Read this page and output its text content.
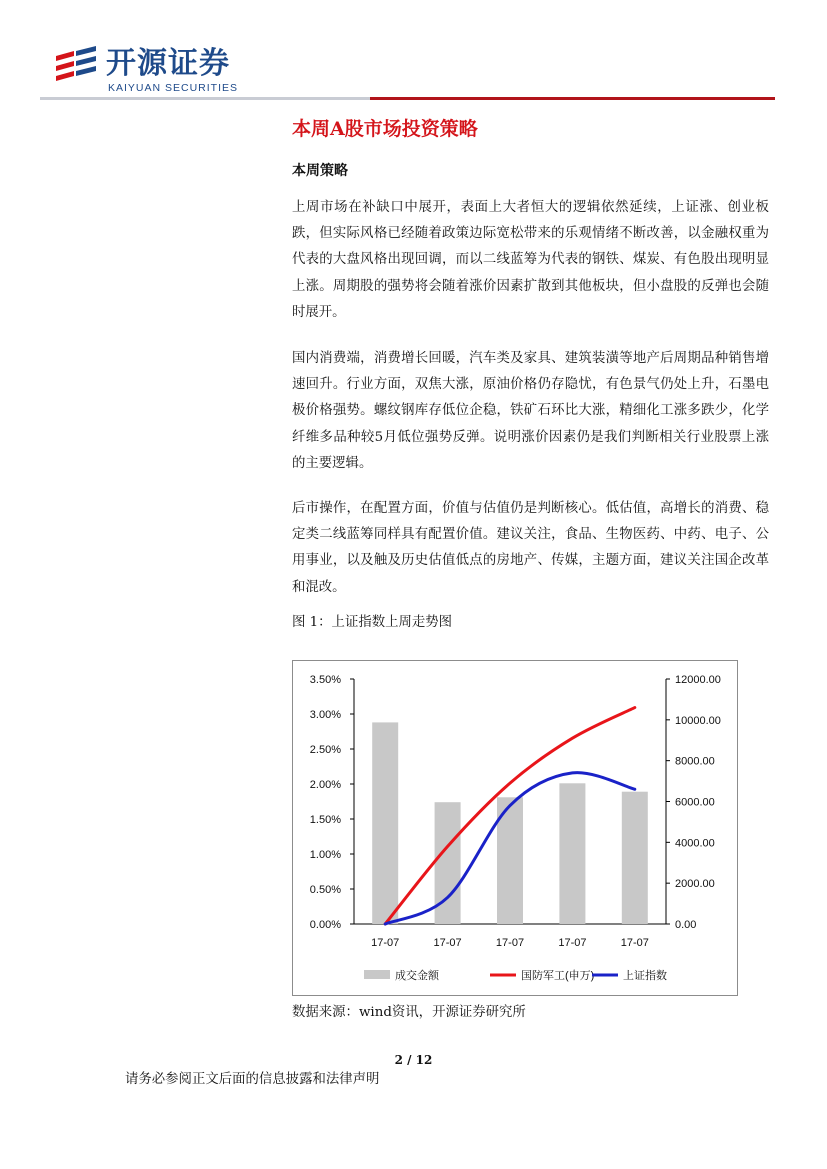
开源证券
KAIYUAN SECURITIES
本周A股市场投资策略
本周策略
上周市场在补缺口中展开，表面上大者恒大的逻辑依然延续，上证涨、创业板跌，但实际风格已经随着政策边际宽松带来的乐观情绪不断改善，以金融权重为代表的大盘风格出现回调，而以二线蓝筹为代表的钢铁、煤炭、有色股出现明显上涨。周期股的强势将会随着涨价因素扩散到其他板块，但小盘股的反弹也会随时展开。
国内消费端，消费增长回暖，汽车类及家具、建筑装潢等地产后周期品种销售增速回升。行业方面，双焦大涨，原油价格仍存隐忧，有色景气仍处上升，石墨电极价格强势。螺纹钢库存低位企稳，铁矿石环比大涨，精细化工涨多跌少，化学纤维多品种较5月低位强势反弹。说明涨价因素仍是我们判断相关行业股票上涨的主要逻辑。
后市操作，在配置方面，价值与估值仍是判断核心。低估值，高增长的消费、稳定类二线蓝筹同样具有配置价值。建议关注，食品、生物医药、中药、电子、公用事业，以及触及历史估值低点的房地产、传媒，主题方面，建议关注国企改革和混改。
图 1：上证指数上周走势图
0.00%
0.50%
1.00%
1.50%
2.00%
2.50%
3.00%
3.50%
0.00
2000.00
4000.00
6000.00
8000.00
10000.00
12000.00
17-07	17-07	17-07	17-07	17-07
成交金额	国防军工(申万)	上证指数
数据来源：wind资讯，开源证券研究所
2 / 12
请务必参阅正文后面的信息披露和法律声明
